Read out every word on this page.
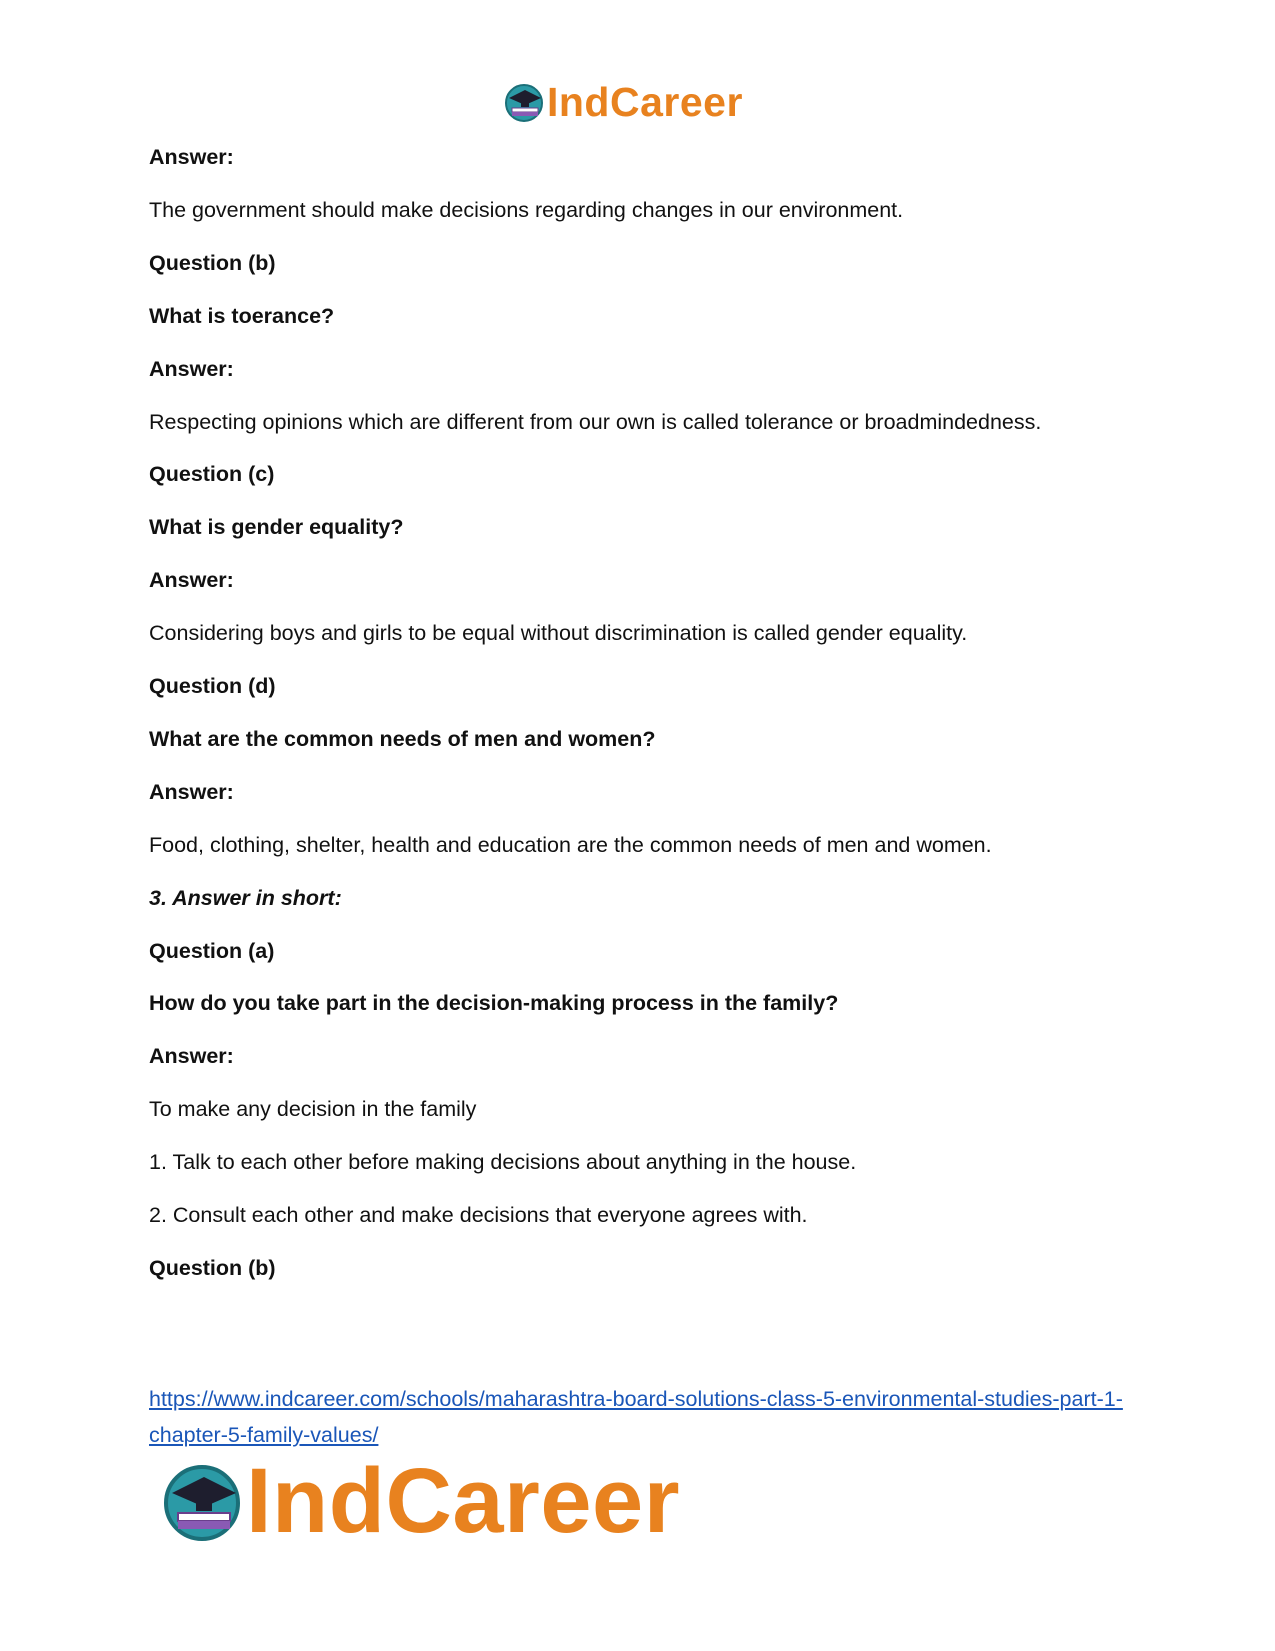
IndCareer
Answer:
The government should make decisions regarding changes in our environment.
Question (b)
What is toerance?
Answer:
Respecting opinions which are different from our own is called tolerance or broadmindedness.
Question (c)
What is gender equality?
Answer:
Considering boys and girls to be equal without discrimination is called gender equality.
Question (d)
What are the common needs of men and women?
Answer:
Food, clothing, shelter, health and education are the common needs of men and women.
3. Answer in short:
Question (a)
How do you take part in the decision-making process in the family?
Answer:
To make any decision in the family
1. Talk to each other before making decisions about anything in the house.
2. Consult each other and make decisions that everyone agrees with.
Question (b)
https://www.indcareer.com/schools/maharashtra-board-solutions-class-5-environmental-studies-part-1-chapter-5-family-values/
IndCareer
